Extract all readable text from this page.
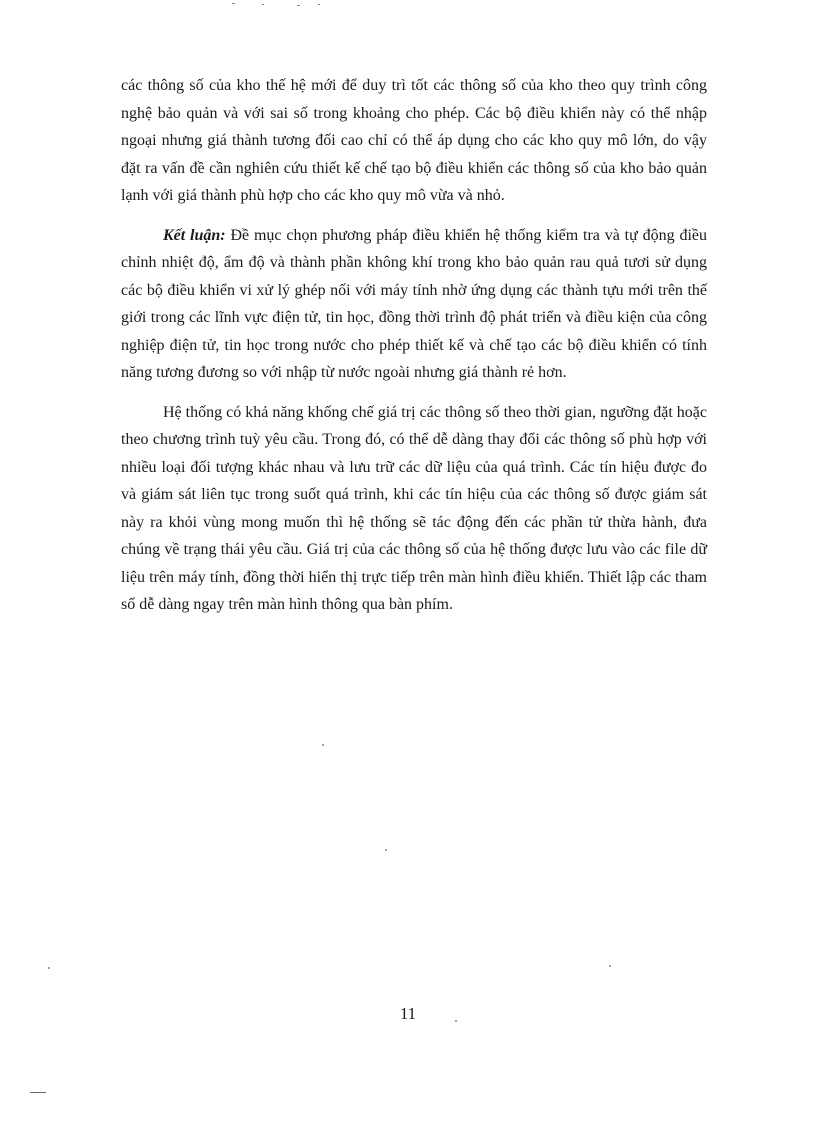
các thông số của kho thế hệ mới để duy trì tốt các thông số của kho theo quy trình công nghệ bảo quản và với sai số trong khoảng cho phép. Các bộ điều khiển này có thể nhập ngoại nhưng giá thành tương đối cao chỉ có thể áp dụng cho các kho quy mô lớn, do vậy đặt ra vấn đề cần nghiên cứu thiết kế chế tạo bộ điều khiển các thông số của kho bảo quản lạnh với giá thành phù hợp cho các kho quy mô vừa và nhỏ.

Kết luận: Đề mục chọn phương pháp điều khiển hệ thống kiểm tra và tự động điều chỉnh nhiệt độ, ẩm độ và thành phần không khí trong kho bảo quản rau quả tươi sử dụng các bộ điều khiển vi xử lý ghép nối với máy tính nhờ ứng dụng các thành tựu mới trên thế giới trong các lĩnh vực điện tử, tin học, đồng thời trình độ phát triển và điều kiện của công nghiệp điện tử, tin học trong nước cho phép thiết kế và chế tạo các bộ điều khiển có tính năng tương đương so với nhập từ nước ngoài nhưng giá thành rẻ hơn.

Hệ thống có khả năng khống chế giá trị các thông số theo thời gian, ngưỡng đặt hoặc theo chương trình tuỳ yêu cầu. Trong đó, có thể dễ dàng thay đổi các thông số phù hợp với nhiều loại đối tượng khác nhau và lưu trữ các dữ liệu của quá trình. Các tín hiệu được đo và giám sát liên tục trong suốt quá trình, khi các tín hiệu của các thông số được giám sát này ra khỏi vùng mong muốn thì hệ thống sẽ tác động đến các phần tử thừa hành, đưa chúng về trạng thái yêu cầu. Giá trị của các thông số của hệ thống được lưu vào các file dữ liệu trên máy tính, đồng thời hiển thị trực tiếp trên màn hình điều khiển. Thiết lập các tham số dễ dàng ngay trên màn hình thông qua bàn phím.

11
